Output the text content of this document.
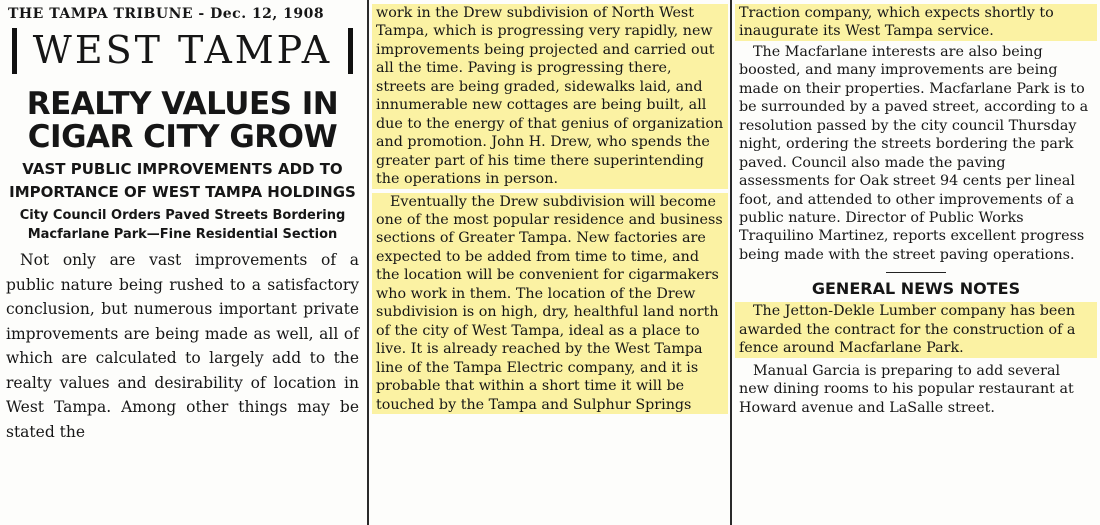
THE TAMPA TRIBUNE - Dec. 12, 1908
WEST TAMPA
REALTY VALUES IN CIGAR CITY GROW
VAST PUBLIC IMPROVEMENTS ADD TO IMPORTANCE OF WEST TAMPA HOLDINGS
City Council Orders Paved Streets Bordering Macfarlane Park—Fine Residential Section

Not only are vast improvements of a public nature being rushed to a satisfactory conclusion, but numerous important private improvements are being made as well, all of which are calculated to largely add to the realty values and desirability of location in West Tampa. Among other things may be stated the

work in the Drew subdivision of North West Tampa, which is progressing very rapidly, new improvements being projected and carried out all the time. Paving is progressing there, streets are being graded, sidewalks laid, and innumerable new cottages are being built, all due to the energy of that genius of organization and promotion. John H. Drew, who spends the greater part of his time there superintending the operations in person.

Eventually the Drew subdivision will become one of the most popular residence and business sections of Greater Tampa. New factories are expected to be added from time to time, and the location will be convenient for cigarmakers who work in them. The location of the Drew subdivision is on high, dry, healthful land north of the city of West Tampa, ideal as a place to live. It is already reached by the West Tampa line of the Tampa Electric company, and it is probable that within a short time it will be touched by the Tampa and Sulphur Springs

Traction company, which expects shortly to inaugurate its West Tampa service.

The Macfarlane interests are also being boosted, and many improvements are being made on their properties. Macfarlane Park is to be surrounded by a paved street, according to a resolution passed by the city council Thursday night, ordering the streets bordering the park paved. Council also made the paving assessments for Oak street 94 cents per lineal foot, and attended to other improvements of a public nature. Director of Public Works Traquilino Martinez, reports excellent progress being made with the street paving operations.

GENERAL NEWS NOTES

The Jetton-Dekle Lumber company has been awarded the contract for the construction of a fence around Macfarlane Park.

Manual Garcia is preparing to add several new dining rooms to his popular restaurant at Howard avenue and LaSalle street.
